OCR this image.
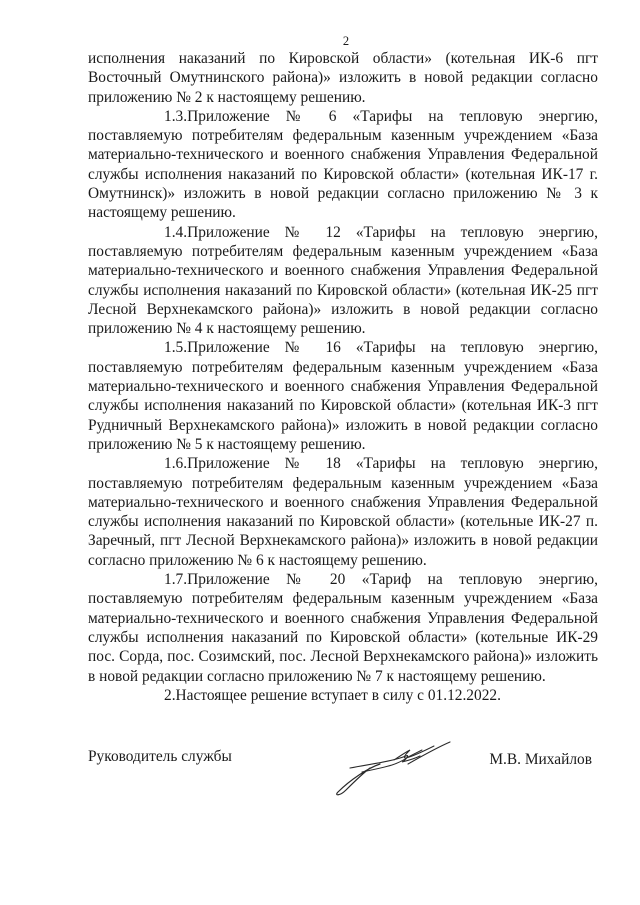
2

исполнения наказаний по Кировской области» (котельная ИК-6 пгт Восточный Омутнинского района)» изложить в новой редакции согласно приложению № 2 к настоящему решению.

1.3.Приложение № 6 «Тарифы на тепловую энергию, поставляемую потребителям федеральным казенным учреждением «База материально-технического и военного снабжения Управления Федеральной службы исполнения наказаний по Кировской области» (котельная ИК-17 г. Омутнинск)» изложить в новой редакции согласно приложению № 3 к настоящему решению.

1.4.Приложение № 12 «Тарифы на тепловую энергию, поставляемую потребителям федеральным казенным учреждением «База материально-технического и военного снабжения Управления Федеральной службы исполнения наказаний по Кировской области» (котельная ИК-25 пгт Лесной Верхнекамского района)» изложить в новой редакции согласно приложению № 4 к настоящему решению.

1.5.Приложение № 16 «Тарифы на тепловую энергию, поставляемую потребителям федеральным казенным учреждением «База материально-технического и военного снабжения Управления Федеральной службы исполнения наказаний по Кировской области» (котельная ИК-3 пгт Рудничный Верхнекамского района)» изложить в новой редакции согласно приложению № 5 к настоящему решению.

1.6.Приложение № 18 «Тарифы на тепловую энергию, поставляемую потребителям федеральным казенным учреждением «База материально-технического и военного снабжения Управления Федеральной службы исполнения наказаний по Кировской области» (котельные ИК-27 п. Заречный, пгт Лесной Верхнекамского района)» изложить в новой редакции согласно приложению № 6 к настоящему решению.

1.7.Приложение № 20 «Тариф на тепловую энергию, поставляемую потребителям федеральным казенным учреждением «База материально-технического и военного снабжения Управления Федеральной службы исполнения наказаний по Кировской области» (котельные ИК-29 пос. Сорда, пос. Созимский, пос. Лесной Верхнекамского района)» изложить в новой редакции согласно приложению № 7 к настоящему решению.

2.Настоящее решение вступает в силу с 01.12.2022.

Руководитель службы	М.В. Михайлов
